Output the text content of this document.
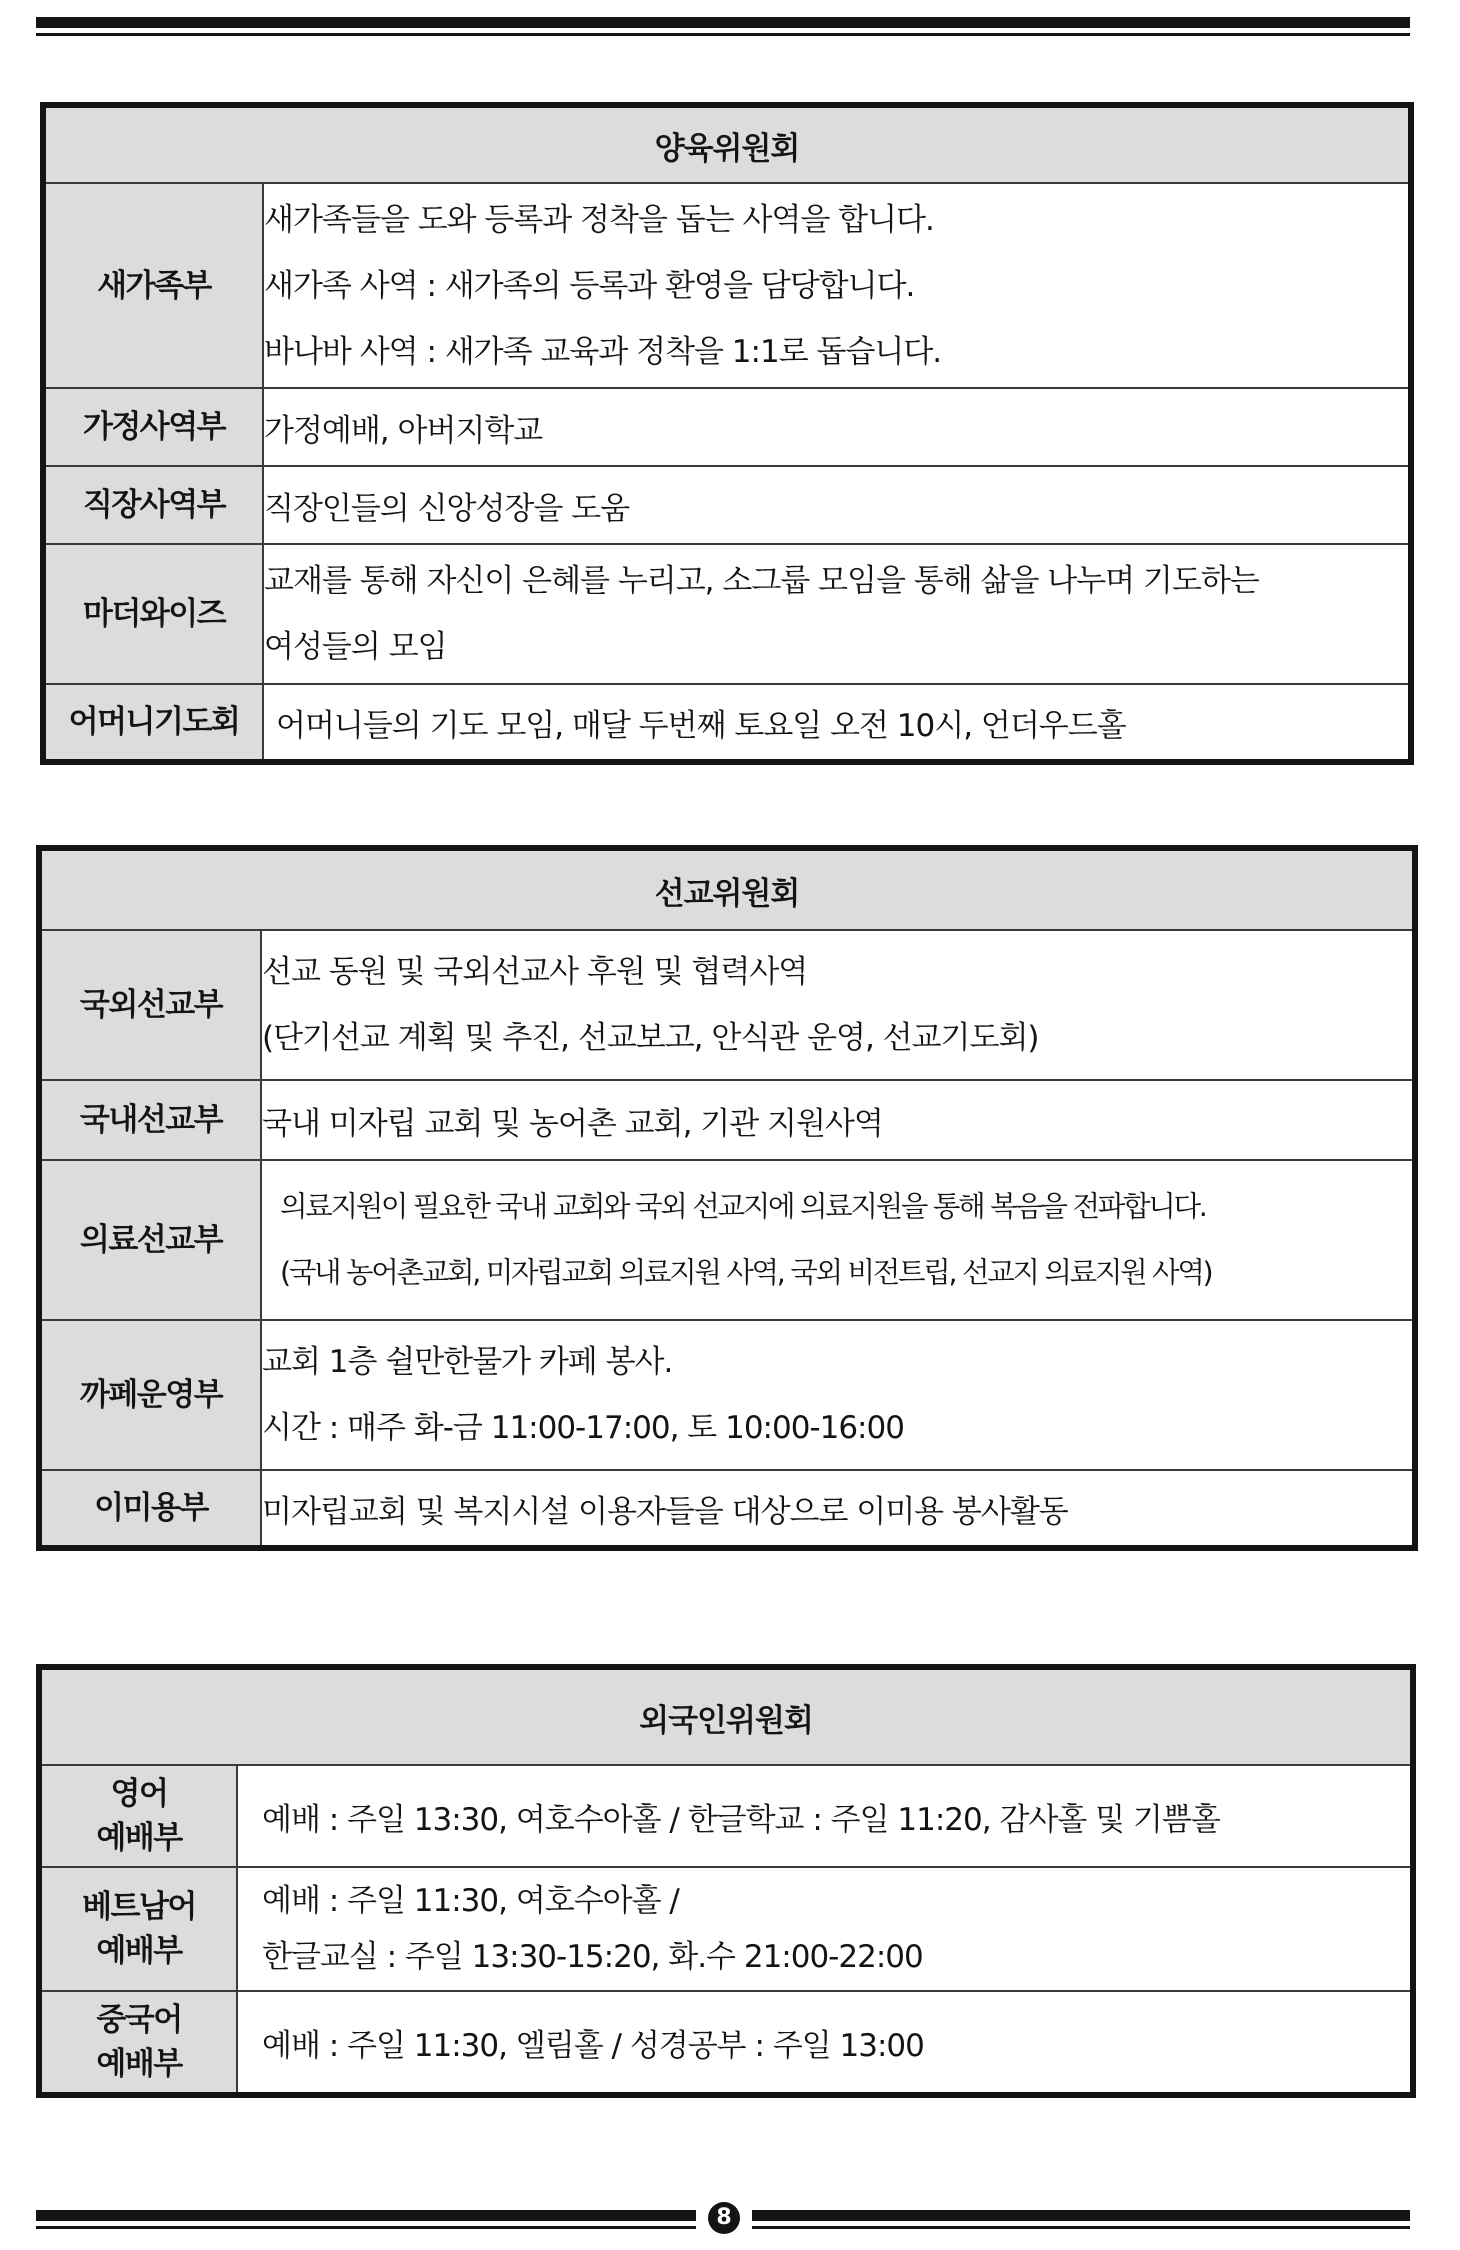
양육위원회	
새가족부	새가족들을 도와 등록과 정착을 돕는 사역을 합니다.
새가족 사역 : 새가족의 등록과 환영을 담당합니다.
바나바 사역 : 새가족 교육과 정착을 1:1로 돕습니다.

가정사역부	가정예배, 아버지학교

직장사역부	직장인들의 신앙성장을 도움

마더와이즈	교재를 통해 자신이 은혜를 누리고, 소그룹 모임을 통해 삶을 나누며 기도하는
여성들의 모임

어머니기도회	어머니들의 기도 모임, 매달 두번째 토요일 오전 10시, 언더우드홀
선교위원회	
국외선교부	선교 동원 및 국외선교사 후원 및 협력사역
(단기선교 계획 및 추진, 선교보고, 안식관 운영, 선교기도회)

국내선교부	국내 미자립 교회 및 농어촌 교회, 기관 지원사역

의료선교부	의료지원이 필요한 국내 교회와 국외 선교지에 의료지원을 통해 복음을 전파합니다.
(국내 농어촌교회, 미자립교회 의료지원 사역, 국외 비전트립, 선교지 의료지원 사역)

까페운영부	교회 1층 쉴만한물가 카페 봉사.
시간 : 매주 화-금 11:00-17:00, 토 10:00-16:00

이미용부	미자립교회 및 복지시설 이용자들을 대상으로 이미용 봉사활동
외국인위원회	

영어
예배부	예배 : 주일 13:30, 여호수아홀 / 한글학교 : 주일 11:20, 감사홀 및 기쁨홀

베트남어
예배부	예배 : 주일 11:30, 여호수아홀 /
한글교실 : 주일 13:30-15:20, 화.수 21:00-22:00

중국어
예배부	예배 : 주일 11:30, 엘림홀 / 성경공부 : 주일 13:00
8
